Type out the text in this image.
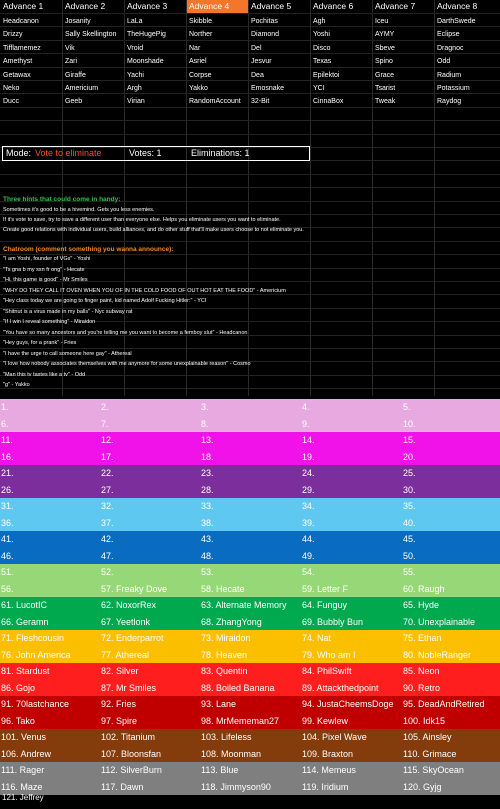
Advance 1	Advance 2	Advance 3	Advance 4	Advance 5	Advance 6	Advance 7	Advance 8
Headcanon	Josanity	LaLa	Skibble	Pochitas	Agh	Iceu	DarthSwede
Drizzy	Sally Skellington	TheHugePig	Norther	Diamond	Yoshi	AYMY	Eclipse
Tifflamemez	Vik	Vroid	Nar	Del	Disco	Sbeve	Dragnoc
Amethyst	Zari	Moonshade	Asriel	Jesvur	Texas	Spino	Odd
Getawax	Giraffe	Yachi	Corpse	Dea	Epilektoi	Grace	Radium
Neko	Americium	Argh	Yakko	Emosnake	YCI	Tsarist	Potassium
Ducc	Geeb	Virian	RandomAccount	32-Bit	CinnaBox	Tweak	Raydog
Mode: Vote to eliminate	Votes: 1	Eliminations: 1
Three hints that could come in handy:
Sometimes it's good to be a hivemind. Gets you less enemies.
If it's vote to save, try to save a different user than everyone else. Helps you eliminate users you want to eliminate.
Create good relations with individual users, build alliances, and do other stuff that'll make users choose to not eliminate you.
Chatroom (comment something you wanna announce):
"I am Yoshi, founder of VGs" - Yoshi
"Ts gna b my ssn fr ong" - Hecate
"Hi, this game is good" - Mr Smiles
"WHY DO THEY CALL IT OVEN WHEN YOU OF IN THE COLD FOOD OF OUT HOT EAT THE FOOD" - Americium
"Hey class today we are going to finger paint, kid named Adolf Fucking Hitler:" - YCI
"Shitnut is a virus made in my balls" - Nyc subway rat
"If I win I reveal something" - Miraidon
"You have so many ancestors and you're telling me you want to become a femboy slut" - Headcanon
"Hey guys, for a prank" - Fries
"I have the urge to call someone here gay" - Athereal
"I love how nobody associates themselves with me anymore for some unexplainable reason" - Cosmo
"Man this tv tastes like a tv" - Odd
"g" - Yakko
1.	2.	3.	4.	5.
6.	7.	8.	9.	10.
11.	12.	13.	14.	15.
16.	17.	18.	19.	20.
21.	22.	23.	24.	25.
26.	27.	28.	29.	30.
31.	32.	33.	34.	35.
36.	37.	38.	39.	40.
41.	42.	43.	44.	45.
46.	47.	48.	49.	50.
51.	52.	53.	54.	55.
56.	57. Freaky Dove	58. Hecate	59. Letter F	60. Raugh
61. LucotIC	62. NoxorRex	63. Alternate Memory 64. Funguy	65. Hyde
66. Geramn	67. Yeetlonk	68. ZhangYong	69. Bubbly Bun	70. Unexplainable
71. Fleshcousin	72. Enderparrot	73. Miraidon	74. Nat	75. Ethan
76. John America	77. Athereal	78. Heaven	79. Who am I	80. NobleRanger
81. Stardust	82. Silver	83. Quentin	84. PhilSwift	85. Neon
86. Gojo	87. Mr Smiles	88. Boiled Banana	89. Attackthedpoint	90. Retro
91. 70lastchance	92. Fries	93. Lane	94. JustaCheemsDoge 95. DeadAndRetired
96. Tako	97. Spire	98. MrMememan27	99. Kewlew	100. Idk15
101. Venus	102. Titanium	103. Lifeless	104. Pixel Wave	105. Ainsley
106. Andrew	107. Bloonsfan	108. Moonman	109. Braxton	110. Grimace
111. Rager	112. SilverBurn	113. Blue	114. Memeus	115. SkyOcean
116. Maze	117. Dawn	118. Jimmyson90	119. Iridium	120. Gyjg
121. Jeffrey
